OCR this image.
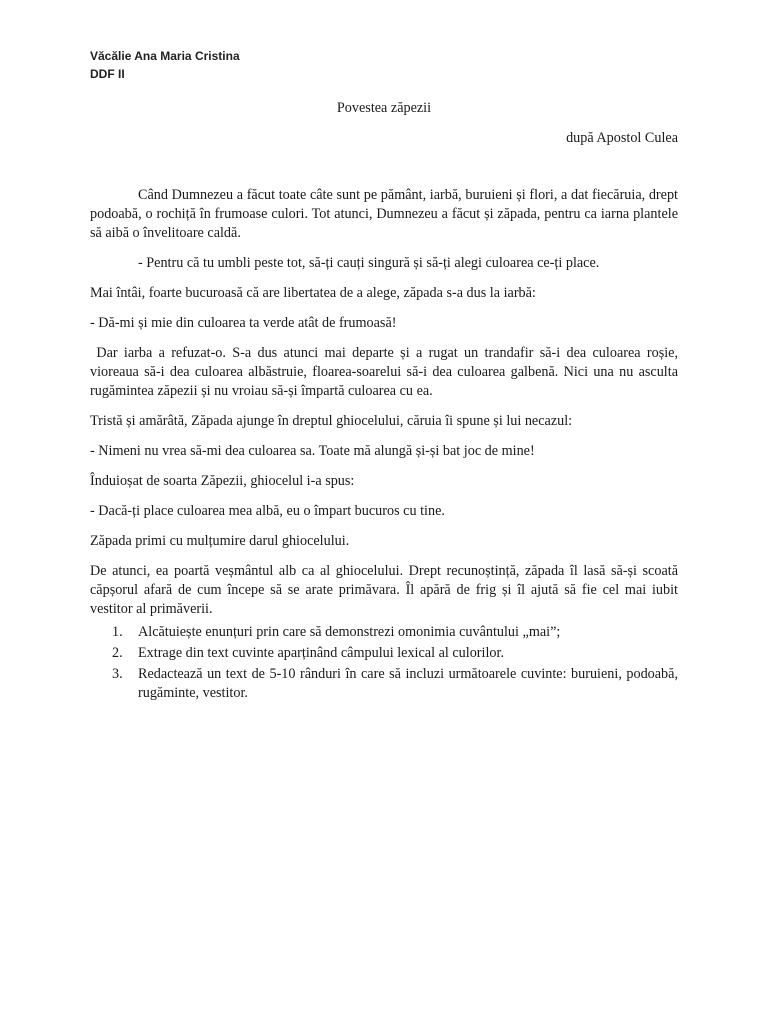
Văcălie Ana Maria Cristina
DDF II
Povestea zăpezii
după Apostol Culea

Când Dumnezeu a făcut toate câte sunt pe pământ, iarbă, buruieni și flori, a dat fiecăruia, drept podoabă, o rochiță în frumoase culori. Tot atunci, Dumnezeu a făcut și zăpada, pentru ca iarna plantele să aibă o învelitoare caldă.

- Pentru că tu umbli peste tot, să-ți cauți singură și să-ți alegi culoarea ce-ți place.

Mai întâi, foarte bucuroasă că are libertatea de a alege, zăpada s-a dus la iarbă:

- Dă-mi și mie din culoarea ta verde atât de frumoasă!

Dar iarba a refuzat-o. S-a dus atunci mai departe și a rugat un trandafir să-i dea culoarea roșie, vioreaua să-i dea culoarea albăstruie, floarea-soarelui să-i dea culoarea galbenă. Nici una nu asculta rugămintea zăpezii și nu vroiau să-și împartă culoarea cu ea.

Tristă și amărâtă, Zăpada ajunge în dreptul ghiocelului, căruia îi spune și lui necazul:

- Nimeni nu vrea să-mi dea culoarea sa. Toate mă alungă și-și bat joc de mine!

Înduioșat de soarta Zăpezii, ghiocelul i-a spus:

- Dacă-ți place culoarea mea albă, eu o împart bucuros cu tine.

Zăpada primi cu mulțumire darul ghiocelului.

De atunci, ea poartă veșmântul alb ca al ghiocelului. Drept recunoștință, zăpada îl lasă să-și scoată căpșorul afară de cum începe să se arate primăvara. Îl apără de frig și îl ajută să fie cel mai iubit vestitor al primăverii.

1. Alcătuiește enunțuri prin care să demonstrezi omonimia cuvântului „mai”;
2. Extrage din text cuvinte aparținând câmpului lexical al culorilor.
3. Redactează un text de 5-10 rânduri în care să incluzi următoarele cuvinte: buruieni, podoabă, rugăminte, vestitor.
